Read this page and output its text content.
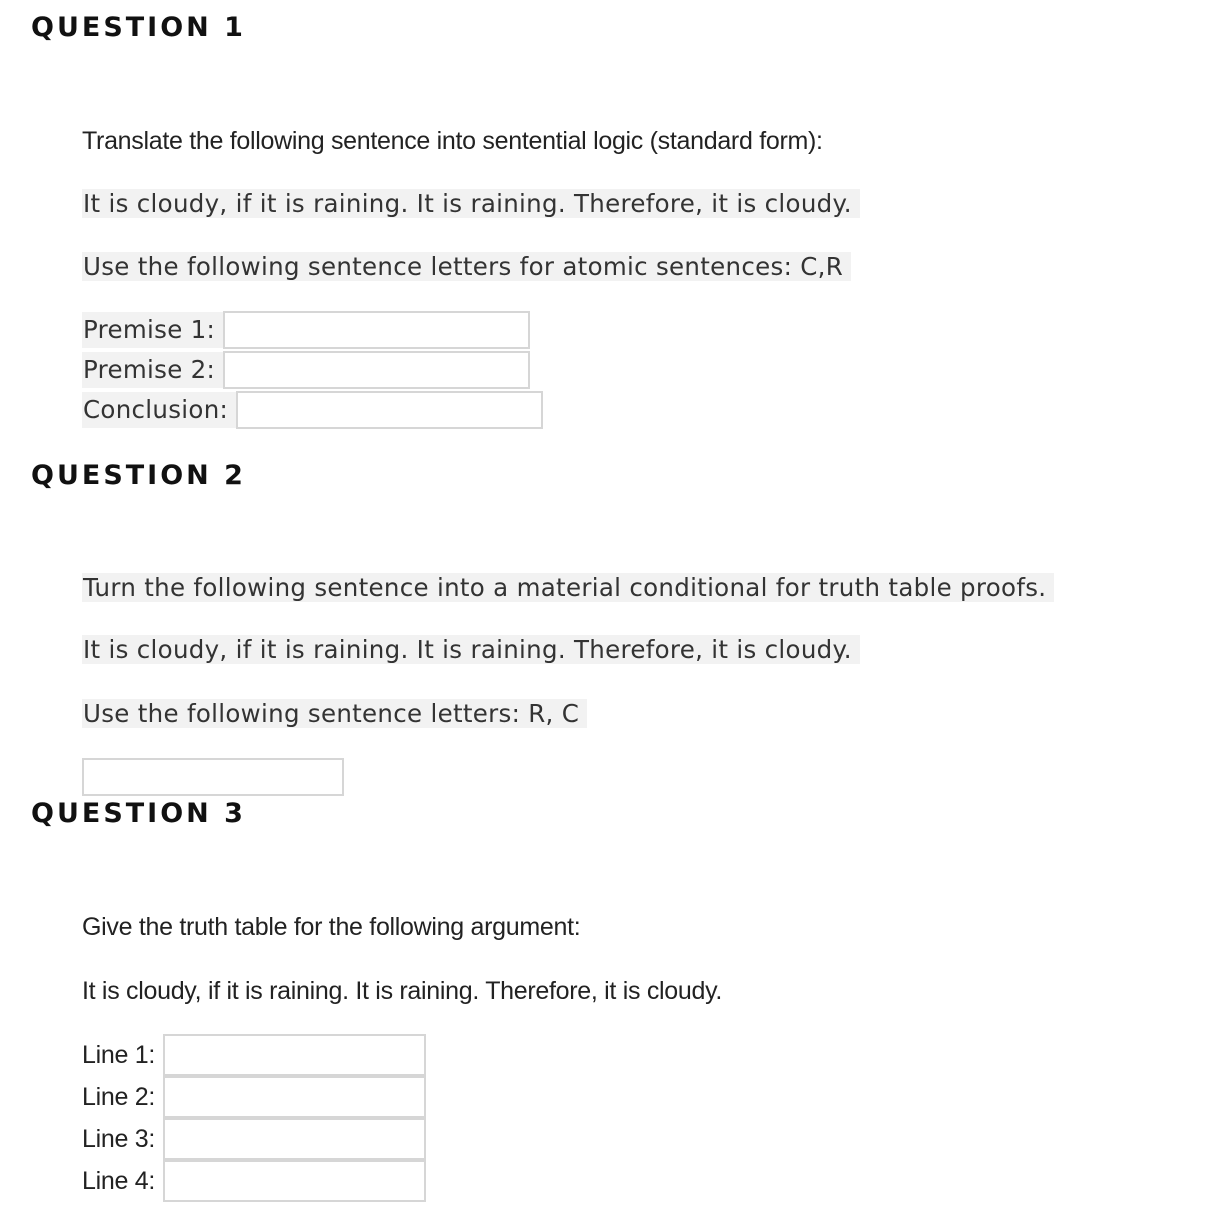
QUESTION 1

Translate the following sentence into sentential logic (standard form):

It is cloudy, if it is raining. It is raining. Therefore, it is cloudy.

Use the following sentence letters for atomic sentences: C,R

Premise 1:
Premise 2:
Conclusion:
QUESTION 2

Turn the following sentence into a material conditional for truth table proofs.

It is cloudy, if it is raining. It is raining. Therefore, it is cloudy.

Use the following sentence letters: R, C

QUESTION 3

Give the truth table for the following argument:

It is cloudy, if it is raining. It is raining. Therefore, it is cloudy.

Line 1:
Line 2:
Line 3:
Line 4:
